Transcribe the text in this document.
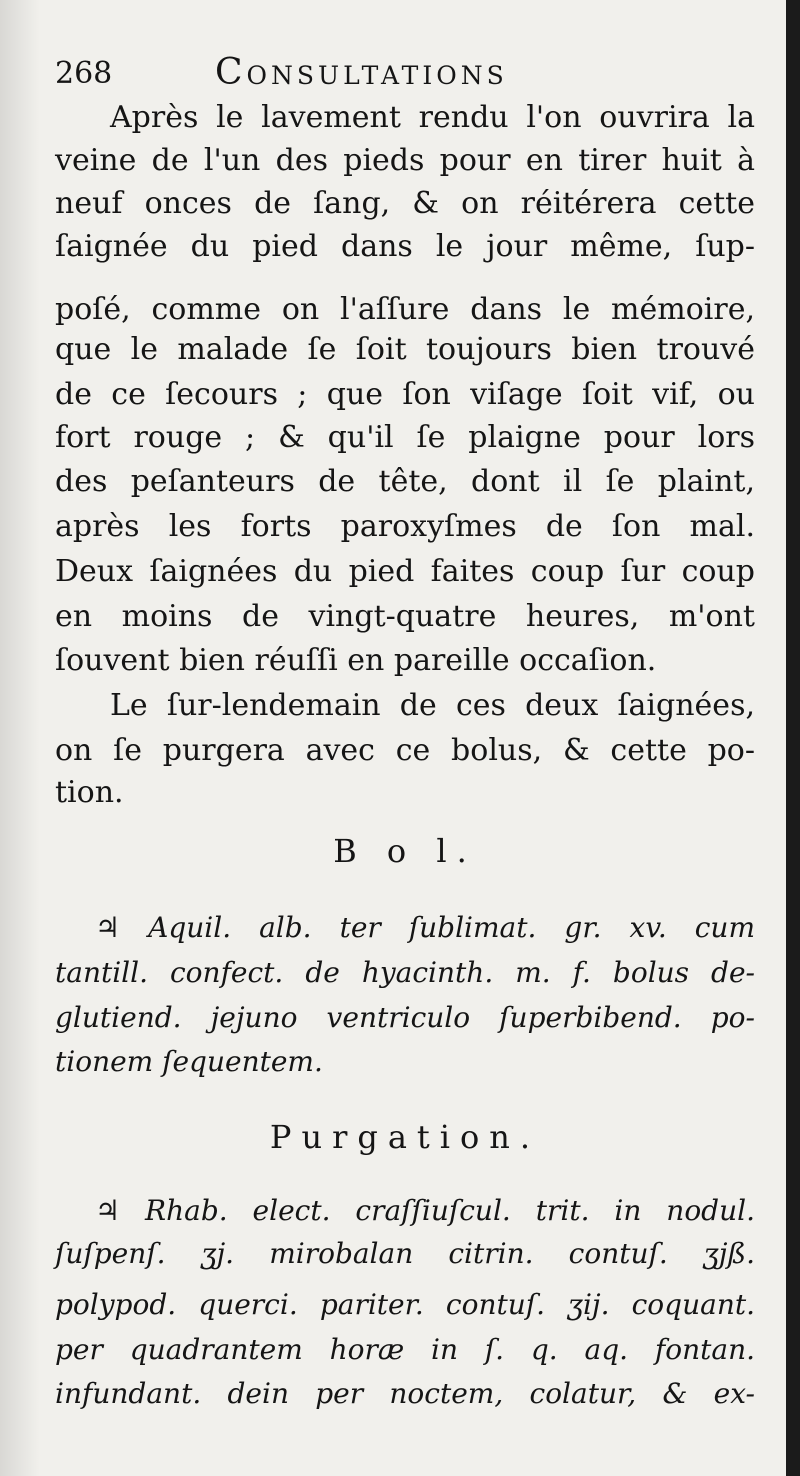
268	Consultations
Après le lavement rendu l'on ouvrira la
veine de l'un des pieds pour en tirer huit à
neuf onces de ſang, & on réitérera cette
ſaignée du pied dans le jour même, ſup-
poſé, comme on l'aſſure dans le mémoire,
que le malade ſe ſoit toujours bien trouvé
de ce ſecours ; que ſon viſage ſoit vif, ou
fort rouge ; & qu'il ſe plaigne pour lors
des peſanteurs de tête, dont il ſe plaint,
après les forts paroxyſmes de ſon mal.
Deux ſaignées du pied faites coup ſur coup
en moins de vingt-quatre heures, m'ont
ſouvent bien réuſſi en pareille occaſion.
Le ſur-lendemain de ces deux ſaignées,
on ſe purgera avec ce bolus, & cette po-
tion.
B o l.
♃ Aquil. alb. ter ſublimat. gr. xv. cum
tantill. confect. de hyacinth. m. f. bolus de-
glutiend. jejuno ventriculo ſuperbibend. po-
tionem ſequentem.
Purgation.
♃ Rhab. elect. craſſiuſcul. trit. in nodul.
ſuſpenſ. ʒj. mirobalan citrin. contuſ. ʒjß.
polypod. querci. pariter. contuſ. ʒij. coquant.
per quadrantem horæ in ſ. q. aq. fontan.
infundant. dein per noctem, colatur, & ex-
